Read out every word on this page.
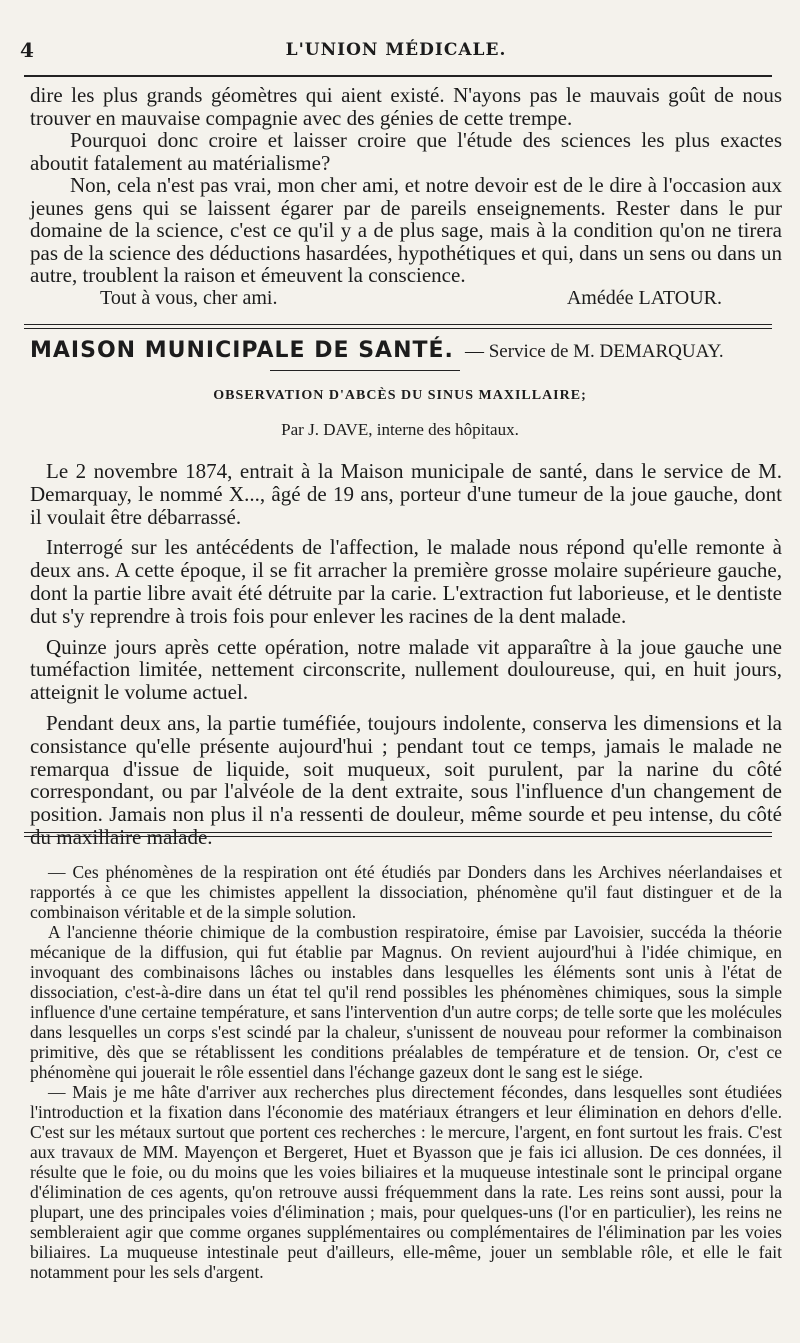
4	L'UNION MÉDICALE.

dire les plus grands géomètres qui aient existé. N'ayons pas le mauvais goût de nous trouver en mauvaise compagnie avec des génies de cette trempe.

Pourquoi donc croire et laisser croire que l'étude des sciences les plus exactes aboutit fatalement au matérialisme?

Non, cela n'est pas vrai, mon cher ami, et notre devoir est de le dire à l'occasion aux jeunes gens qui se laissent égarer par de pareils enseignements. Rester dans le pur domaine de la science, c'est ce qu'il y a de plus sage, mais à la condition qu'on ne tirera pas de la science des déductions hasardées, hypothétiques et qui, dans un sens ou dans un autre, troublent la raison et émeuvent la conscience.

Tout à vous, cher ami.	Amédée LATOUR.
MAISON MUNICIPALE DE SANTÉ. — Service de M. DEMARQUAY.
OBSERVATION D'ABCÈS DU SINUS MAXILLAIRE;
Par J. DAVE, interne des hôpitaux.

Le 2 novembre 1874, entrait à la Maison municipale de santé, dans le service de M. Demarquay, le nommé X..., âgé de 19 ans, porteur d'une tumeur de la joue gauche, dont il voulait être débarrassé.

Interrogé sur les antécédents de l'affection, le malade nous répond qu'elle remonte à deux ans. A cette époque, il se fit arracher la première grosse molaire supérieure gauche, dont la partie libre avait été détruite par la carie. L'extraction fut laborieuse, et le dentiste dut s'y reprendre à trois fois pour enlever les racines de la dent malade.

Quinze jours après cette opération, notre malade vit apparaître à la joue gauche une tuméfaction limitée, nettement circonscrite, nullement douloureuse, qui, en huit jours, atteignit le volume actuel.

Pendant deux ans, la partie tuméfiée, toujours indolente, conserva les dimensions et la consistance qu'elle présente aujourd'hui ; pendant tout ce temps, jamais le malade ne remarqua d'issue de liquide, soit muqueux, soit purulent, par la narine du côté correspondant, ou par l'alvéole de la dent extraite, sous l'influence d'un changement de position. Jamais non plus il n'a ressenti de douleur, même sourde et peu intense, du côté du maxillaire malade.

— Ces phénomènes de la respiration ont été étudiés par Donders dans les Archives néerlandaises et rapportés à ce que les chimistes appellent la dissociation, phénomène qu'il faut distinguer et de la combinaison véritable et de la simple solution.

A l'ancienne théorie chimique de la combustion respiratoire, émise par Lavoisier, succéda la théorie mécanique de la diffusion, qui fut établie par Magnus. On revient aujourd'hui à l'idée chimique, en invoquant des combinaisons lâches ou instables dans lesquelles les éléments sont unis à l'état de dissociation, c'est-à-dire dans un état tel qu'il rend possibles les phénomènes chimiques, sous la simple influence d'une certaine température, et sans l'intervention d'un autre corps; de telle sorte que les molécules dans lesquelles un corps s'est scindé par la chaleur, s'unissent de nouveau pour reformer la combinaison primitive, dès que se rétablissent les conditions préalables de température et de tension. Or, c'est ce phénomène qui jouerait le rôle essentiel dans l'échange gazeux dont le sang est le siége.

— Mais je me hâte d'arriver aux recherches plus directement fécondes, dans lesquelles sont étudiées l'introduction et la fixation dans l'économie des matériaux étrangers et leur élimination en dehors d'elle. C'est sur les métaux surtout que portent ces recherches : le mercure, l'argent, en font surtout les frais. C'est aux travaux de MM. Mayençon et Bergeret, Huet et Byasson que je fais ici allusion. De ces données, il résulte que le foie, ou du moins que les voies biliaires et la muqueuse intestinale sont le principal organe d'élimination de ces agents, qu'on retrouve aussi fréquemment dans la rate. Les reins sont aussi, pour la plupart, une des principales voies d'élimination ; mais, pour quelques-uns (l'or en particulier), les reins ne sembleraient agir que comme organes supplémentaires ou complémentaires de l'élimination par les voies biliaires. La muqueuse intestinale peut d'ailleurs, elle-même, jouer un semblable rôle, et elle le fait notamment pour les sels d'argent.
